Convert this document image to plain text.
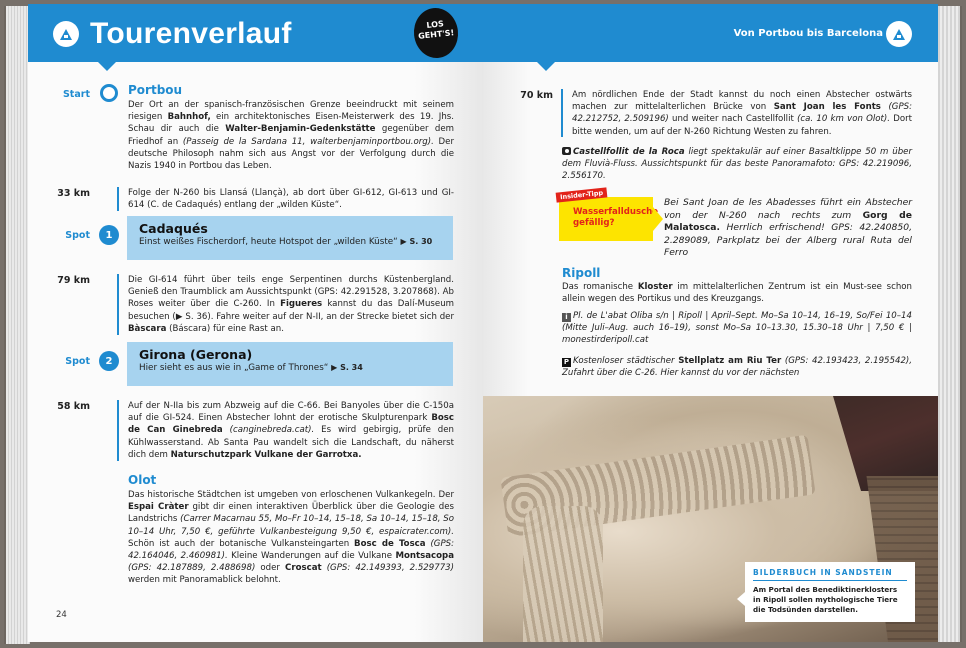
Tourenverlauf	LOS
GEHT'S!
Start	Portbou
Der Ort an der spanisch-französischen Grenze beeindruckt mit seinem riesigen Bahnhof, ein architektonisches Eisen-Meisterwerk des 19. Jhs. Schau dir auch die Walter-Benjamin-Gedenkstätte gegenüber dem Friedhof an (Passeig de la Sardana 11, walterbenjaminportbou.org). Der deutsche Philosoph nahm sich aus Angst vor der Verfolgung durch die Nazis 1940 in Portbou das Leben.
33 km	Folge der N-260 bis Llansá (Llançà), ab dort über GI-612, GI-613 und GI-614 (C. de Cadaqués) entlang der „wilden Küste“.
Spot	1	Cadaqués
Einst weißes Fischerdorf, heute Hotspot der „wilden Küste“ ▶ S. 30
79 km	Die GI-614 führt über teils enge Serpentinen durchs Küstenbergland. Genieß den Traumblick am Aussichtspunkt (GPS: 42.291528, 3.207868). Ab Roses weiter über die C-260. In Figueres kannst du das Dalí-Museum besuchen (▶ S. 36). Fahre weiter auf der N-II, an der Strecke bietet sich der Bàscara (Báscara) für eine Rast an.
Spot	2	Girona (Gerona)
Hier sieht es aus wie in „Game of Thrones“ ▶ S. 34
58 km	Auf der N-IIa bis zum Abzweig auf die C-66. Bei Banyoles über die C-150a auf die GI-524. Einen Abstecher lohnt der erotische Skulpturenpark Bosc de Can Ginebreda (canginebreda.cat). Es wird gebirgig, prüfe den Kühlwasserstand. Ab Santa Pau wandelt sich die Landschaft, du näherst dich dem Naturschutzpark Vulkane der Garrotxa.
Olot
Das historische Städtchen ist umgeben von erloschenen Vulkankegeln. Der Espai Cràter gibt dir einen interaktiven Überblick über die Geologie des Landstrichs (Carrer Macarnau 55, Mo–Fr 10–14, 15–18, Sa 10–14, 15–18, So 10–14 Uhr, 7,50 €, geführte Vulkanbesteigung 9,50 €, espaicrater.com). Schön ist auch der botanische Vulkansteingarten Bosc de Tosca (GPS: 42.164046, 2.460981). Kleine Wanderungen auf die Vulkane Montsacopa (GPS: 42.187889, 2.488698) oder Croscat (GPS: 42.149393, 2.529773) werden mit Panoramablick belohnt.
24
Von Portbou bis Barcelona
70 km Am nördlichen Ende der Stadt kannst du noch einen Abstecher ostwärts machen zur mittelalterlichen Brücke von Sant Joan les Fonts (GPS: 42.212752, 2.509196) und weiter nach Castellfollit (ca. 10 km von Olot). Dort bitte wenden, um auf der N-260 Richtung Westen zu fahren.
Castellfollit de la Roca liegt spektakulär auf einer Basaltklippe 50 m über dem Fluvià-Fluss. Aussichtspunkt für das beste Panoramafoto: GPS: 42.219096, 2.556170.
Insider-Tipp
Wasserfalldusche gefällig?
Bei Sant Joan de les Abadesses führt ein Abstecher von der N-260 nach rechts zum Gorg de Malatosca. Herrlich erfrischend! GPS: 42.240850, 2.289089, Parkplatz bei der Alberg rural Ruta del Ferro
Ripoll
Das romanische Kloster im mittelalterlichen Zentrum ist ein Must-see schon allein wegen des Portikus und des Kreuzgangs.
i Pl. de L'abat Oliba s/n | Ripoll | April–Sept. Mo–Sa 10–14, 16–19, So/Fei 10–14 (Mitte Juli–Aug. auch 16–19), sonst Mo–Sa 10–13.30, 15.30–18 Uhr | 7,50 € | monestirderipoll.cat
P Kostenloser städtischer Stellplatz am Riu Ter (GPS: 42.193423, 2.195542), Zufahrt über die C-26. Hier kannst du vor der nächsten
BILDERBUCH IN SANDSTEIN
Am Portal des Benediktinerklosters in Ripoll sollen mythologische Tiere die Todsünden darstellen.
